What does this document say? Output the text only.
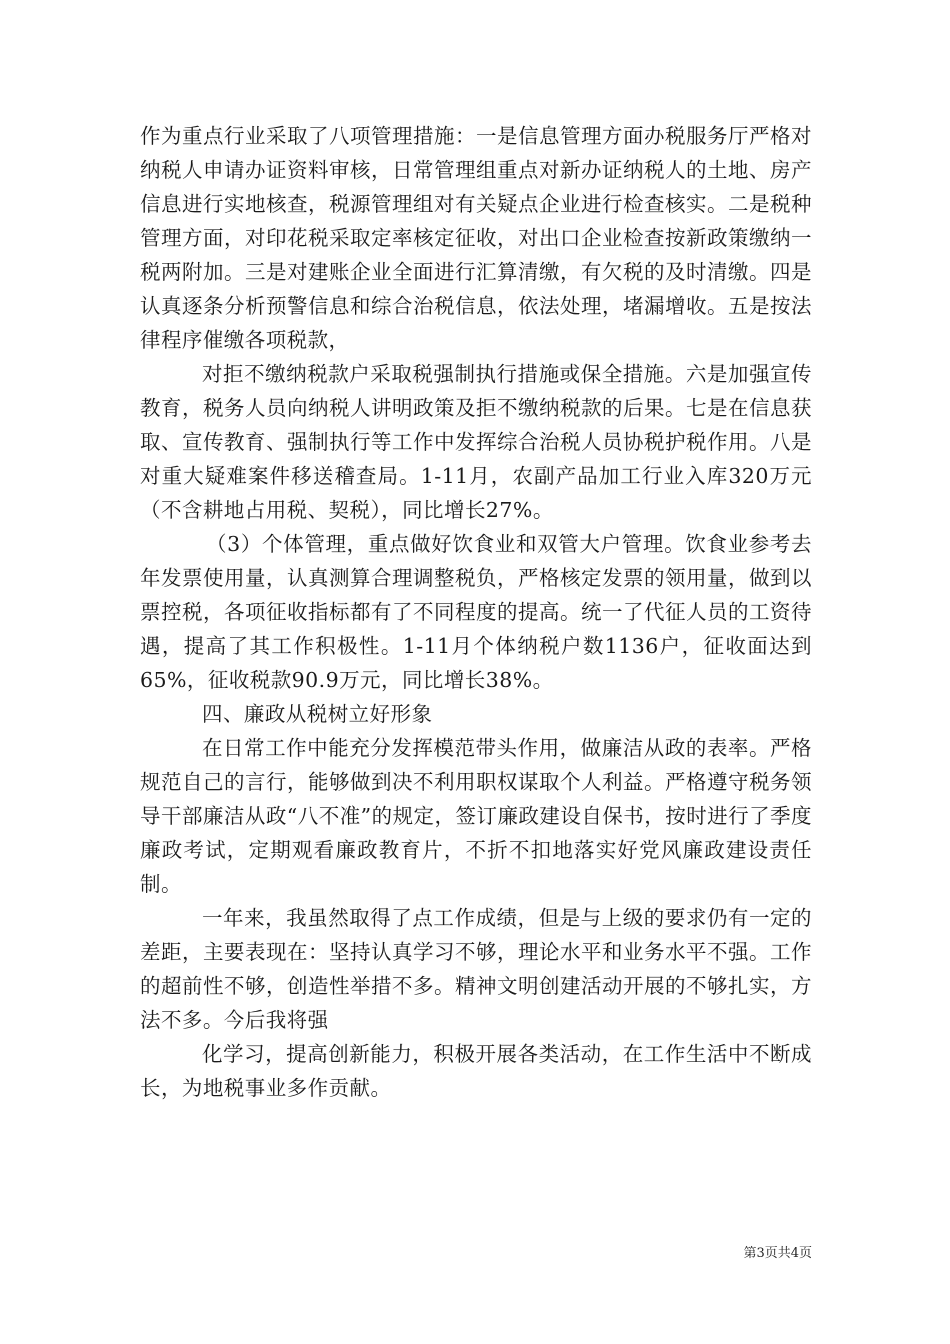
作为重点行业采取了八项管理措施：一是信息管理方面办税服务厅严格对纳税人申请办证资料审核，日常管理组重点对新办证纳税人的土地、房产信息进行实地核查，税源管理组对有关疑点企业进行检查核实。二是税种管理方面，对印花税采取定率核定征收，对出口企业检查按新政策缴纳一税两附加。三是对建账企业全面进行汇算清缴，有欠税的及时清缴。四是认真逐条分析预警信息和综合治税信息，依法处理，堵漏增收。五是按法律程序催缴各项税款，

对拒不缴纳税款户采取税强制执行措施或保全措施。六是加强宣传教育，税务人员向纳税人讲明政策及拒不缴纳税款的后果。七是在信息获取、宣传教育、强制执行等工作中发挥综合治税人员协税护税作用。八是对重大疑难案件移送稽查局。1-11月，农副产品加工行业入库320万元（不含耕地占用税、契税），同比增长27%。

（3）个体管理，重点做好饮食业和双管大户管理。饮食业参考去年发票使用量，认真测算合理调整税负，严格核定发票的领用量，做到以票控税，各项征收指标都有了不同程度的提高。统一了代征人员的工资待遇，提高了其工作积极性。1-11月个体纳税户数1136户，征收面达到65%，征收税款90.9万元，同比增长38%。

四、廉政从税树立好形象

在日常工作中能充分发挥模范带头作用，做廉洁从政的表率。严格规范自己的言行，能够做到决不利用职权谋取个人利益。严格遵守税务领导干部廉洁从政“八不准”的规定，签订廉政建设自保书，按时进行了季度廉政考试，定期观看廉政教育片，不折不扣地落实好党风廉政建设责任制。

一年来，我虽然取得了点工作成绩，但是与上级的要求仍有一定的差距，主要表现在：坚持认真学习不够，理论水平和业务水平不强。工作的超前性不够，创造性举措不多。精神文明创建活动开展的不够扎实，方法不多。今后我将强

化学习，提高创新能力，积极开展各类活动，在工作生活中不断成长，为地税事业多作贡献。

第3页共4页
